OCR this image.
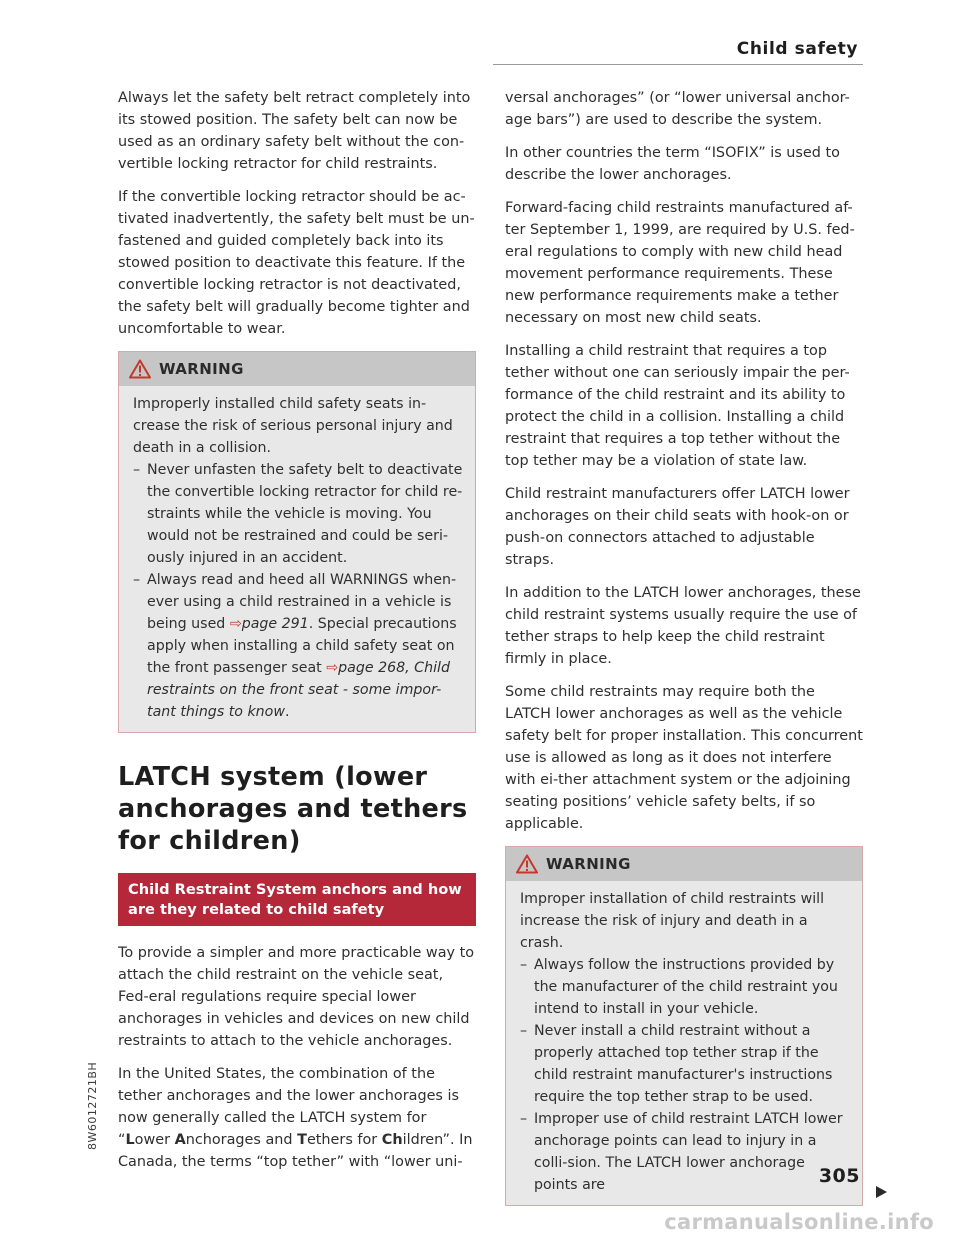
Child safety

Always let the safety belt retract completely into its stowed position. The safety belt can now be used as an ordinary safety belt without the con-vertible locking retractor for child restraints.

If the convertible locking retractor should be ac-tivated inadvertently, the safety belt must be un-fastened and guided completely back into its stowed position to deactivate this feature. If the convertible locking retractor is not deactivated, the safety belt will gradually become tighter and uncomfortable to wear.

WARNING

Improperly installed child safety seats in-crease the risk of serious personal injury and death in a collision.

– Never unfasten the safety belt to deactivate the convertible locking retractor for child re-straints while the vehicle is moving. You would not be restrained and could be seri-ously injured in an accident.
– Always read and heed all WARNINGS when-ever using a child restrained in a vehicle is being used ⇨page 291. Special precautions apply when installing a child safety seat on the front passenger seat ⇨page 268, Child restraints on the front seat - some impor-tant things to know.
LATCH system (lower anchorages and tethers for children)
Child Restraint System anchors and how are they related to child safety

To provide a simpler and more practicable way to attach the child restraint on the vehicle seat, Fed-eral regulations require special lower anchorages in vehicles and devices on new child restraints to attach to the vehicle anchorages.

In the United States, the combination of the tether anchorages and the lower anchorages is now generally called the LATCH system for “Lower Anchorages and Tethers for Children”. In Canada, the terms “top tether” with “lower uni-

versal anchorages” (or “lower universal anchor-age bars”) are used to describe the system.

In other countries the term “ISOFIX” is used to describe the lower anchorages.

Forward-facing child restraints manufactured af-ter September 1, 1999, are required by U.S. fed-eral regulations to comply with new child head movement performance requirements. These new performance requirements make a tether necessary on most new child seats.

Installing a child restraint that requires a top tether without one can seriously impair the per-formance of the child restraint and its ability to protect the child in a collision. Installing a child restraint that requires a top tether without the top tether may be a violation of state law.

Child restraint manufacturers offer LATCH lower anchorages on their child seats with hook-on or push-on connectors attached to adjustable straps.

In addition to the LATCH lower anchorages, these child restraint systems usually require the use of tether straps to help keep the child restraint firmly in place.

Some child restraints may require both the LATCH lower anchorages as well as the vehicle safety belt for proper installation. This concurrent use is allowed as long as it does not interfere with ei-ther attachment system or the adjoining seating positions’ vehicle safety belts, if so applicable.

WARNING

Improper installation of child restraints will increase the risk of injury and death in a crash.

– Always follow the instructions provided by the manufacturer of the child restraint you intend to install in your vehicle.
– Never install a child restraint without a properly attached top tether strap if the child restraint manufacturer's instructions require the top tether strap to be used.
– Improper use of child restraint LATCH lower anchorage points can lead to injury in a colli-sion. The LATCH lower anchorage points are
8W6012721BH
305
carmanualsonline.info
